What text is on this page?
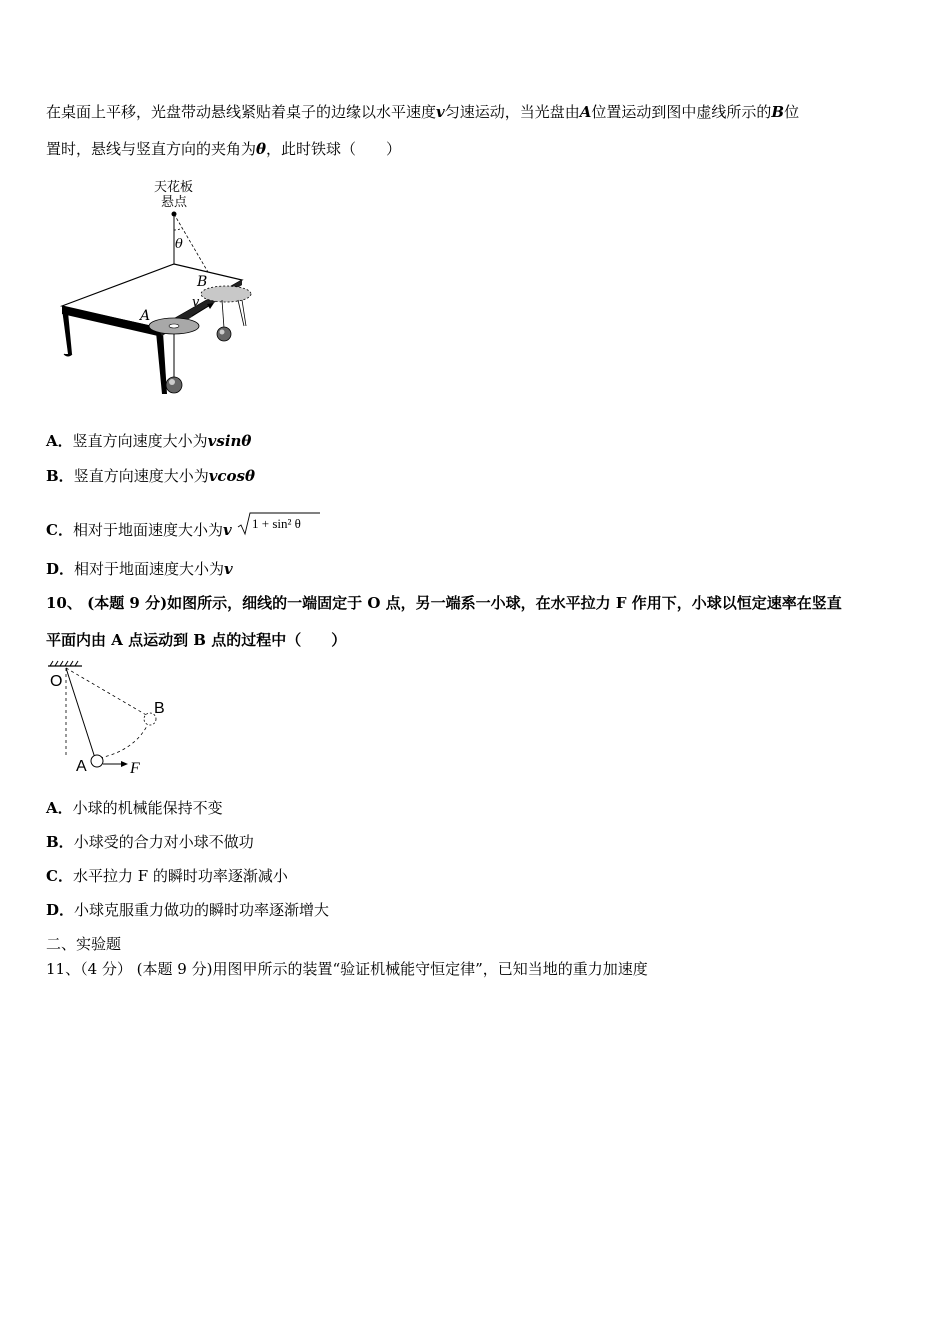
在桌面上平移，光盘带动悬线紧贴着桌子的边缘以水平速度v匀速运动，当光盘由A位置运动到图中虚线所示的B位
置时，悬线与竖直方向的夹角为θ，此时铁球（　　）
天花板
悬点
θ
A
B
v
A．竖直方向速度大小为vsinθ
B．竖直方向速度大小为vcosθ
C．相对于地面速度大小为v 1 + sin² θ
D．相对于地面速度大小为v
10、 (本题 9 分)如图所示，细线的一端固定于 O 点，另一端系一小球，在水平拉力 F 作用下，小球以恒定速率在竖直
平面内由 A 点运动到 B 点的过程中（　　）
O
B
A	F
A．小球的机械能保持不变
B．小球受的合力对小球不做功
C．水平拉力 F 的瞬时功率逐渐减小
D．小球克服重力做功的瞬时功率逐渐增大
二、实验题
11、（4 分） (本题 9 分)用图甲所示的装置“验证机械能守恒定律”，已知当地的重力加速度
